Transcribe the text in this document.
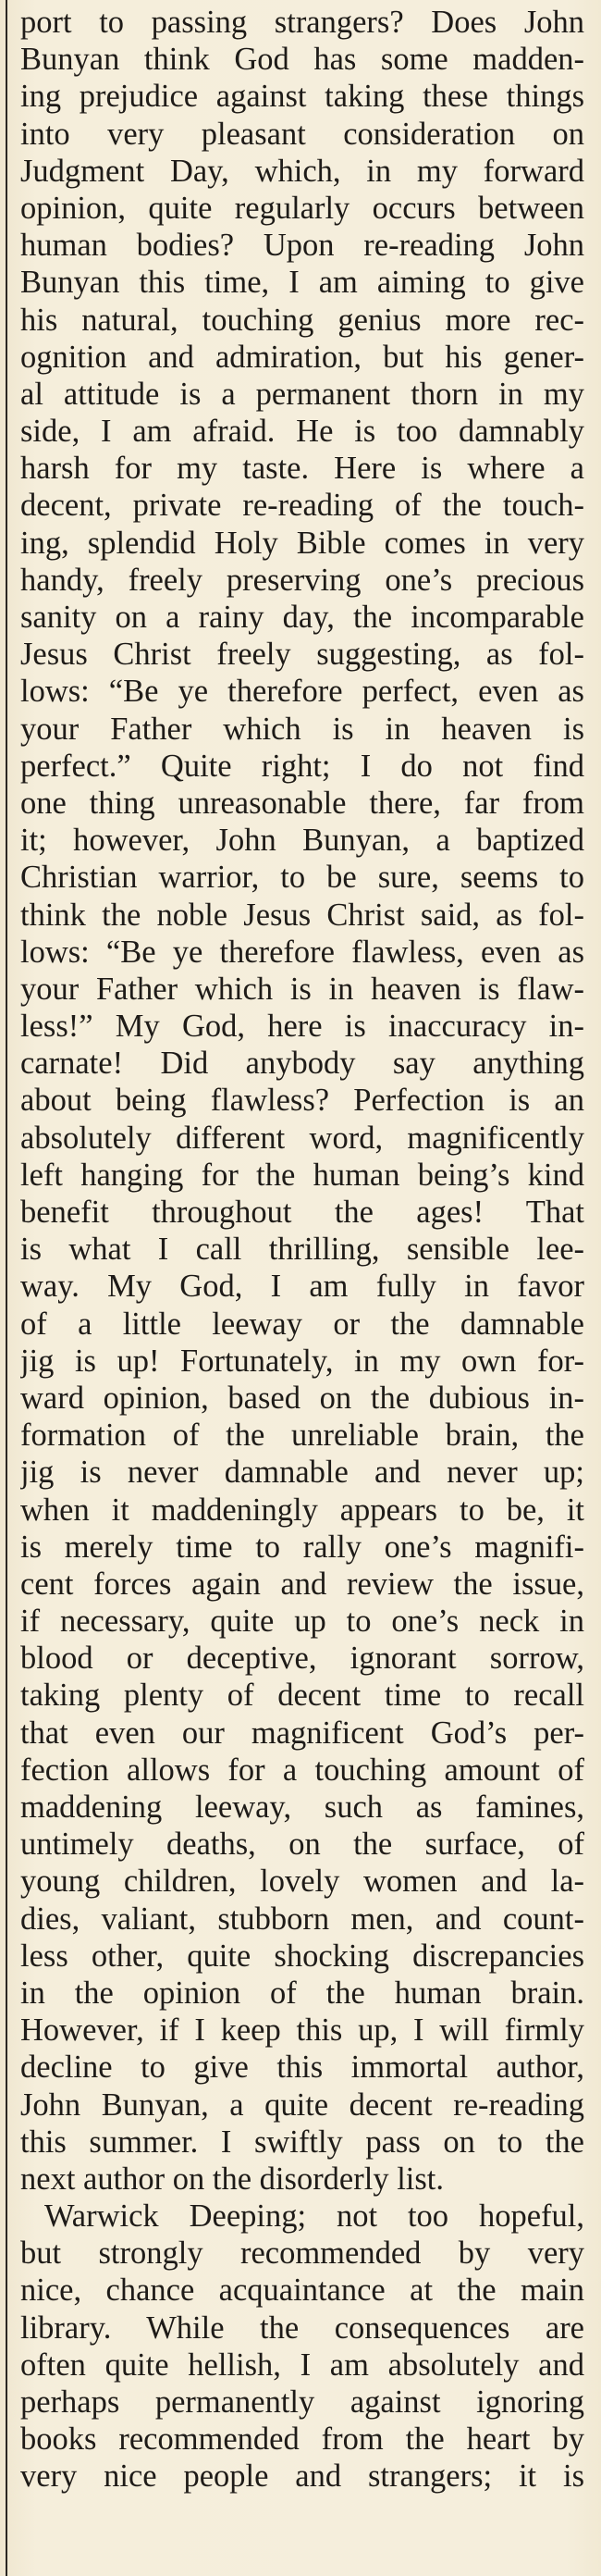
port to passing strangers? Does John
Bunyan think God has some madden-
ing prejudice against taking these things
into very pleasant consideration on
Judgment Day, which, in my forward
opinion, quite regularly occurs between
human bodies? Upon re-reading John
Bunyan this time, I am aiming to give
his natural, touching genius more rec-
ognition and admiration, but his gener-
al attitude is a permanent thorn in my
side, I am afraid. He is too damnably
harsh for my taste. Here is where a
decent, private re-reading of the touch-
ing, splendid Holy Bible comes in very
handy, freely preserving one’s precious
sanity on a rainy day, the incomparable
Jesus Christ freely suggesting, as fol-
lows: “Be ye therefore perfect, even as
your Father which is in heaven is
perfect.” Quite right; I do not find
one thing unreasonable there, far from
it; however, John Bunyan, a baptized
Christian warrior, to be sure, seems to
think the noble Jesus Christ said, as fol-
lows: “Be ye therefore flawless, even as
your Father which is in heaven is flaw-
less!” My God, here is inaccuracy in-
carnate! Did anybody say anything
about being flawless? Perfection is an
absolutely different word, magnificently
left hanging for the human being’s kind
benefit throughout the ages! That
is what I call thrilling, sensible lee-
way. My God, I am fully in favor
of a little leeway or the damnable
jig is up! Fortunately, in my own for-
ward opinion, based on the dubious in-
formation of the unreliable brain, the
jig is never damnable and never up;
when it maddeningly appears to be, it
is merely time to rally one’s magnifi-
cent forces again and review the issue,
if necessary, quite up to one’s neck in
blood or deceptive, ignorant sorrow,
taking plenty of decent time to recall
that even our magnificent God’s per-
fection allows for a touching amount of
maddening leeway, such as famines,
untimely deaths, on the surface, of
young children, lovely women and la-
dies, valiant, stubborn men, and count-
less other, quite shocking discrepancies
in the opinion of the human brain.
However, if I keep this up, I will firmly
decline to give this immortal author,
John Bunyan, a quite decent re-reading
this summer. I swiftly pass on to the
next author on the disorderly list.
Warwick Deeping; not too hopeful,
but strongly recommended by very
nice, chance acquaintance at the main
library. While the consequences are
often quite hellish, I am absolutely and
perhaps permanently against ignoring
books recommended from the heart by
very nice people and strangers; it is
